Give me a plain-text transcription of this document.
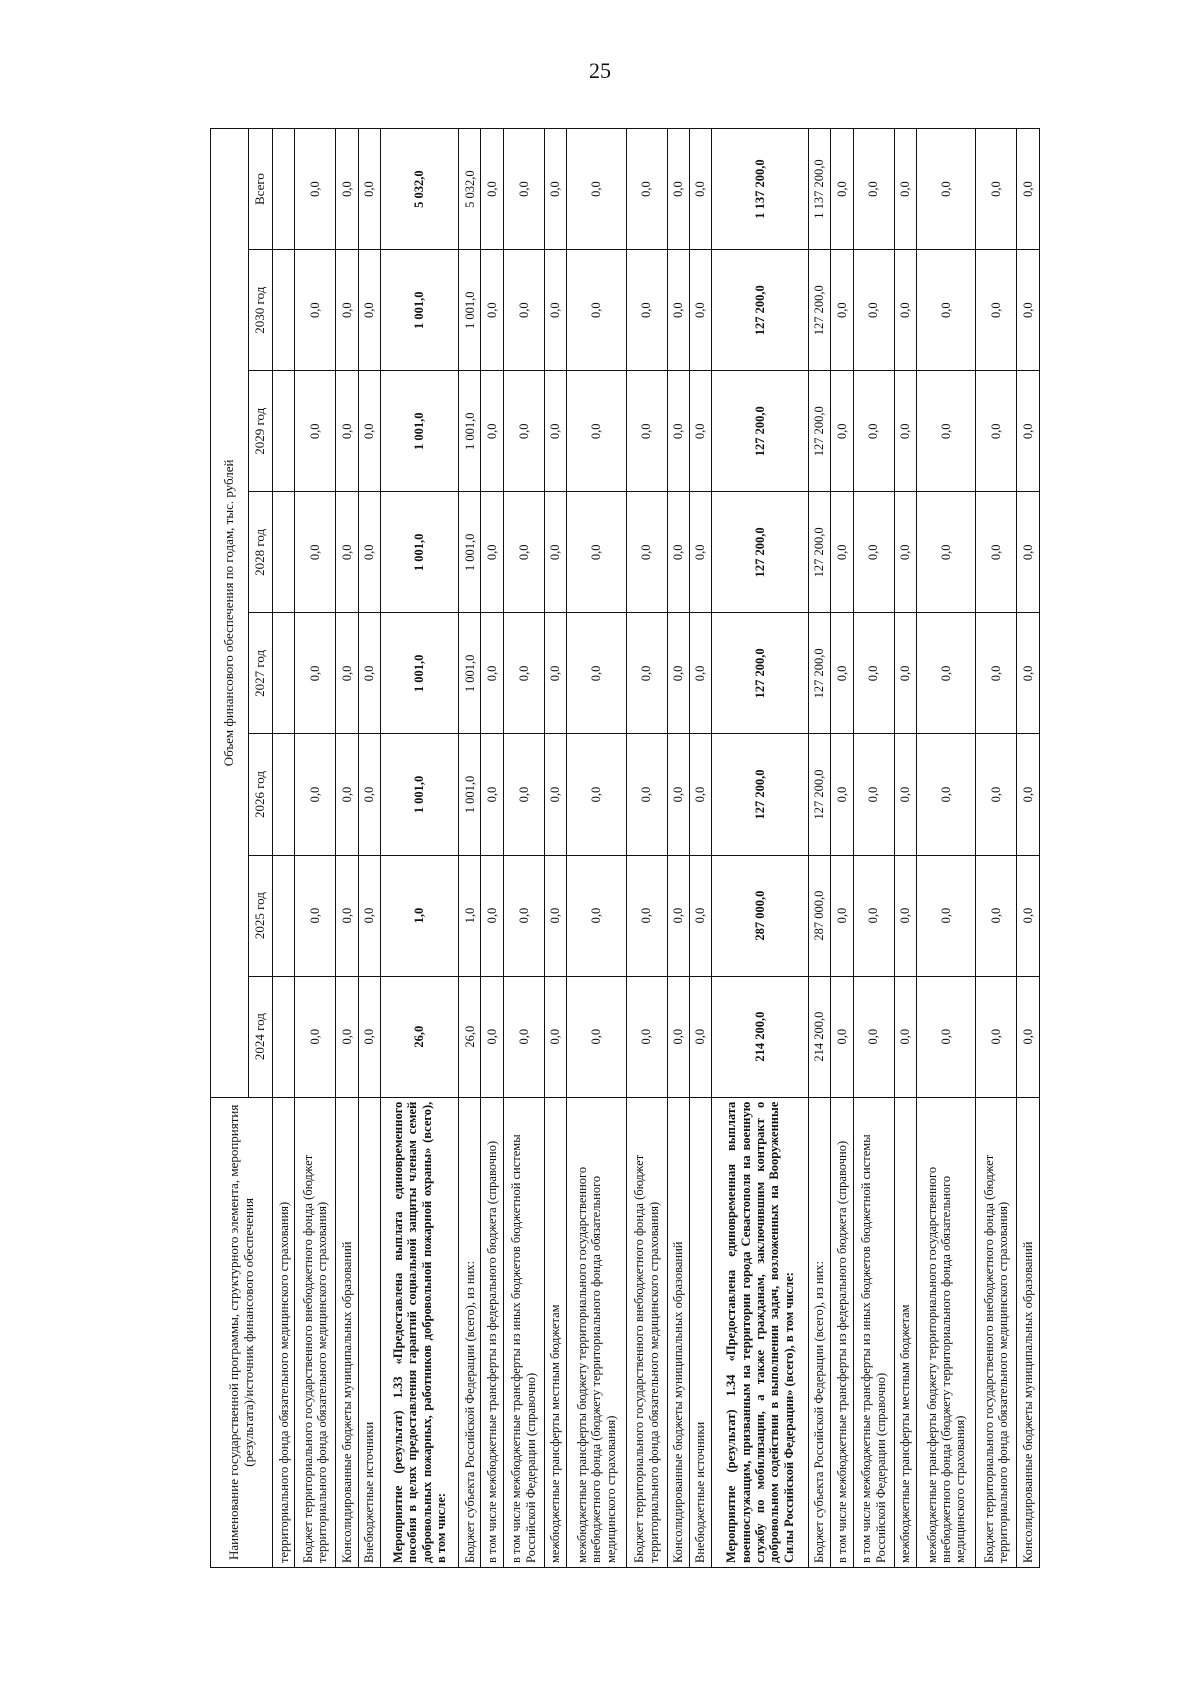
25
Наименование государственной программы, структурного элемента, мероприятия (результата)/источник финансового обеспечения	Объем финансового обеспечения по годам, тыс. рублей							
	2024 год	2025 год	2026 год	2027 год	2028 год	2029 год	2030 год	Всего
территориального фонда обязательного медицинского страхования)								
Бюджет территориального государственного внебюджетного фонда (бюджет территориального фонда обязательного медицинского страхования)	0,0	0,0	0,0	0,0	0,0	0,0	0,0	0,0
Консолидированные бюджеты муниципальных образований	0,0	0,0	0,0	0,0	0,0	0,0	0,0	0,0
Внебюджетные источники	0,0	0,0	0,0	0,0	0,0	0,0	0,0	0,0
Мероприятие (результат) 1.33 «Предоставлена выплата единовременного пособия в целях предоставления гарантий социальной защиты членам семей добровольных пожарных, работников добровольной пожарной охраны» (всего), в том числе:	26,0	1,0	1 001,0	1 001,0	1 001,0	1 001,0	1 001,0	5 032,0
Бюджет субъекта Российской Федерации (всего), из них:	26,0	1,0	1 001,0	1 001,0	1 001,0	1 001,0	1 001,0	5 032,0
в том числе межбюджетные трансферты из федерального бюджета (справочно)	0,0	0,0	0,0	0,0	0,0	0,0	0,0	0,0
в том числе межбюджетные трансферты из иных бюджетов бюджетной системы Российской Федерации (справочно)	0,0	0,0	0,0	0,0	0,0	0,0	0,0	0,0
межбюджетные трансферты местным бюджетам	0,0	0,0	0,0	0,0	0,0	0,0	0,0	0,0
межбюджетные трансферты бюджету территориального государственного внебюджетного фонда (бюджету территориального фонда обязательного медицинского страхования)	0,0	0,0	0,0	0,0	0,0	0,0	0,0	0,0
Бюджет территориального государственного внебюджетного фонда (бюджет территориального фонда обязательного медицинского страхования)	0,0	0,0	0,0	0,0	0,0	0,0	0,0	0,0
Консолидированные бюджеты муниципальных образований	0,0	0,0	0,0	0,0	0,0	0,0	0,0	0,0
Внебюджетные источники	0,0	0,0	0,0	0,0	0,0	0,0	0,0	0,0
Мероприятие (результат) 1.34 «Предоставлена единовременная выплата военнослужащим, призванным на территории города Севастополя на военную службу по мобилизации, а также гражданам, заключившим контракт о добровольном содействии в выполнении задач, возложенных на Вооруженные Силы Российской Федерации» (всего), в том числе:	214 200,0	287 000,0	127 200,0	127 200,0	127 200,0	127 200,0	127 200,0	1 137 200,0
Бюджет субъекта Российской Федерации (всего), из них:	214 200,0	287 000,0	127 200,0	127 200,0	127 200,0	127 200,0	127 200,0	1 137 200,0
в том числе межбюджетные трансферты из федерального бюджета (справочно)	0,0	0,0	0,0	0,0	0,0	0,0	0,0	0,0
в том числе межбюджетные трансферты из иных бюджетов бюджетной системы Российской Федерации (справочно)	0,0	0,0	0,0	0,0	0,0	0,0	0,0	0,0
межбюджетные трансферты местным бюджетам	0,0	0,0	0,0	0,0	0,0	0,0	0,0	0,0
межбюджетные трансферты бюджету территориального государственного внебюджетного фонда (бюджету территориального фонда обязательного медицинского страхования)	0,0	0,0	0,0	0,0	0,0	0,0	0,0	0,0
Бюджет территориального государственного внебюджетного фонда (бюджет территориального фонда обязательного медицинского страхования)	0,0	0,0	0,0	0,0	0,0	0,0	0,0	0,0
Консолидированные бюджеты муниципальных образований	0,0	0,0	0,0	0,0	0,0	0,0	0,0	0,0
